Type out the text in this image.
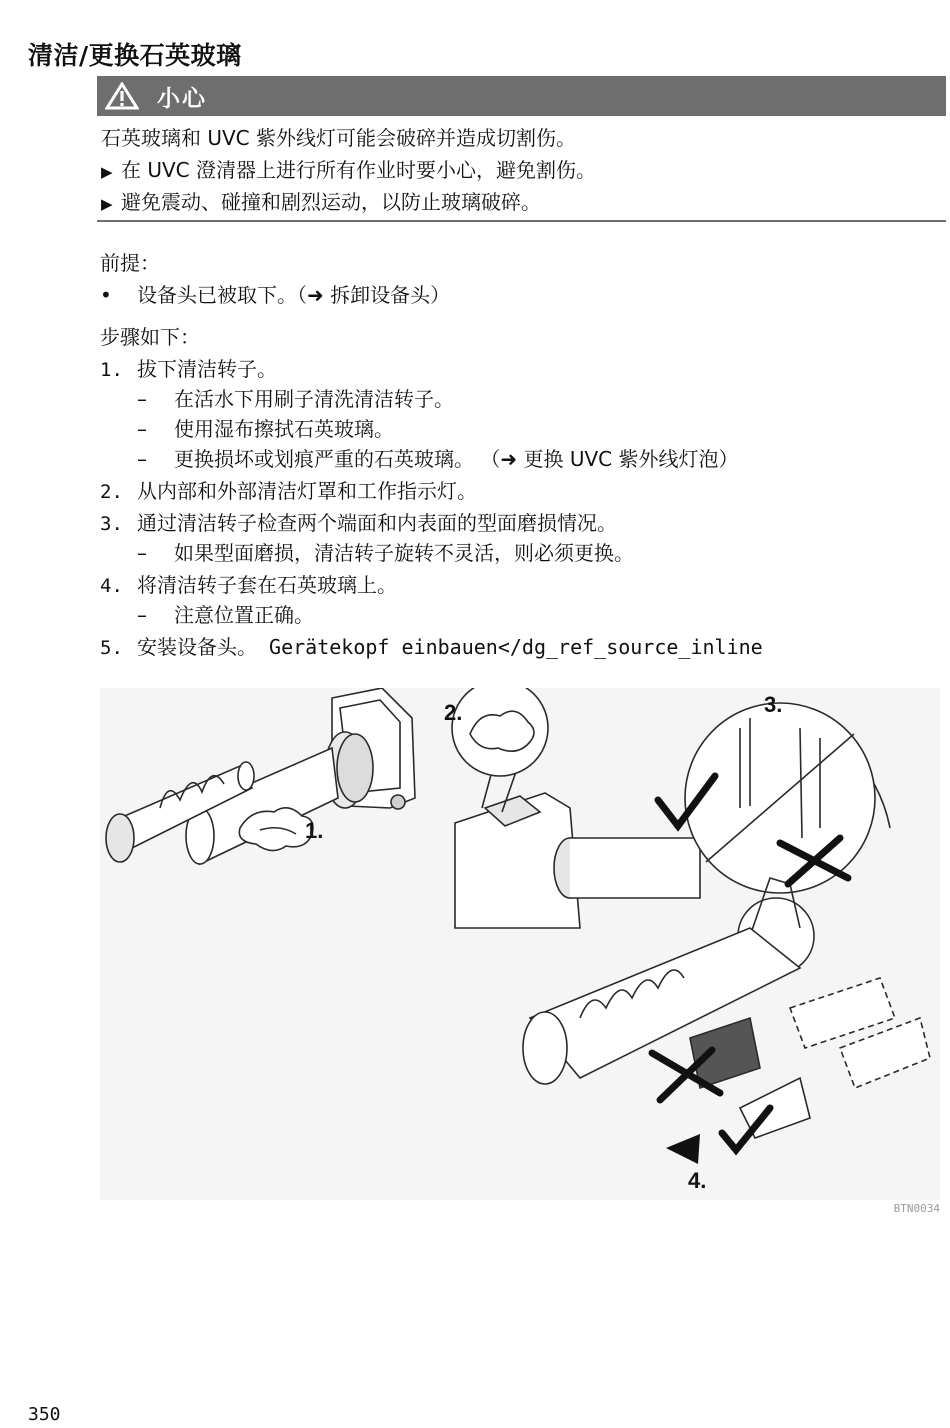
清洁/更换石英玻璃
小心
石英玻璃和 UVC 紫外线灯可能会破碎并造成切割伤。
▶ 在 UVC 澄清器上进行所有作业时要小心，避免割伤。
▶ 避免震动、碰撞和剧烈运动，以防止玻璃破碎。
前提：
• 设备头已被取下。（➜ 拆卸设备头）
步骤如下：
1. 拔下清洁转子。
– 在活水下用刷子清洗清洁转子。
– 使用湿布擦拭石英玻璃。
– 更换损坏或划痕严重的石英玻璃。 （➜ 更换 UVC 紫外线灯泡）
2. 从内部和外部清洁灯罩和工作指示灯。
3. 通过清洁转子检查两个端面和内表面的型面磨损情况。
– 如果型面磨损，清洁转子旋转不灵活，则必须更换。
4. 将清洁转子套在石英玻璃上。
– 注意位置正确。
5. 安装设备头。 Gerätekopf einbauen</dg_ref_source_inline
1.
2.	3.
4.
BTN0034
350
